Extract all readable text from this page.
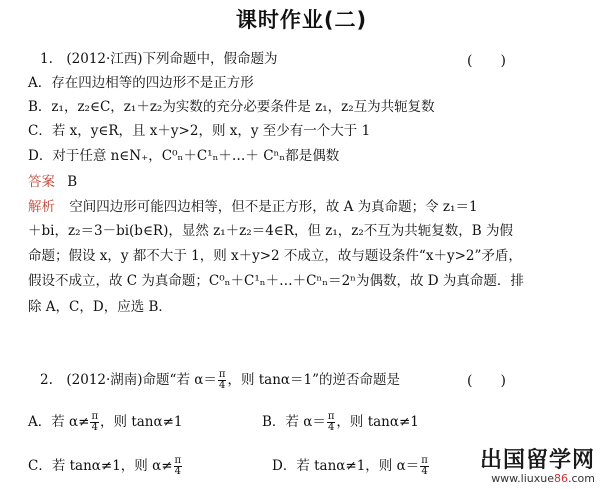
课时作业(二)
1.　(2012·江西)下列命题中，假命题为	(　　)
A．存在四边相等的四边形不是正方形
B．z₁，z₂∈C，z₁＋z₂为实数的充分必要条件是 z₁，z₂互为共轭复数
C．若 x，y∈R，且 x＋y>2，则 x，y 至少有一个大于 1
D．对于任意 n∈N₊，C⁰ₙ＋C¹ₙ＋…＋ Cⁿₙ都是偶数
答案 B
解析 空间四边形可能四边相等，但不是正方形，故 A 为真命题；令 z₁＝1
＋bi，z₂＝3－bi(b∈R)，显然 z₁＋z₂＝4∈R，但 z₁，z₂不互为共轭复数，B 为假
命题；假设 x，y 都不大于 1，则 x＋y>2 不成立，故与题设条件“x＋y>2”矛盾，
假设不成立，故 C 为真命题；C⁰ₙ＋C¹ₙ＋…＋Cⁿₙ＝2ⁿ为偶数，故 D 为真命题．排
除 A，C，D，应选 B．
2.　(2012·湖南)命题“若 $\alpha= \frac{\pi}{4}$ ，则 tanα＝1”的逆否命题是	(　　)
A．若 $\alpha\ne \frac{\pi}{4}$ ，则 tanα≠1	B．若 $\alpha= \frac{\pi}{4}$ ，则 tanα≠1
C．若 tanα≠1，则 $\alpha\ne \frac{\pi}{4}$	D．若 tanα≠1，则 $\alpha= \frac{\pi}{4}$ 出国留学网
www.liuxue86.com
